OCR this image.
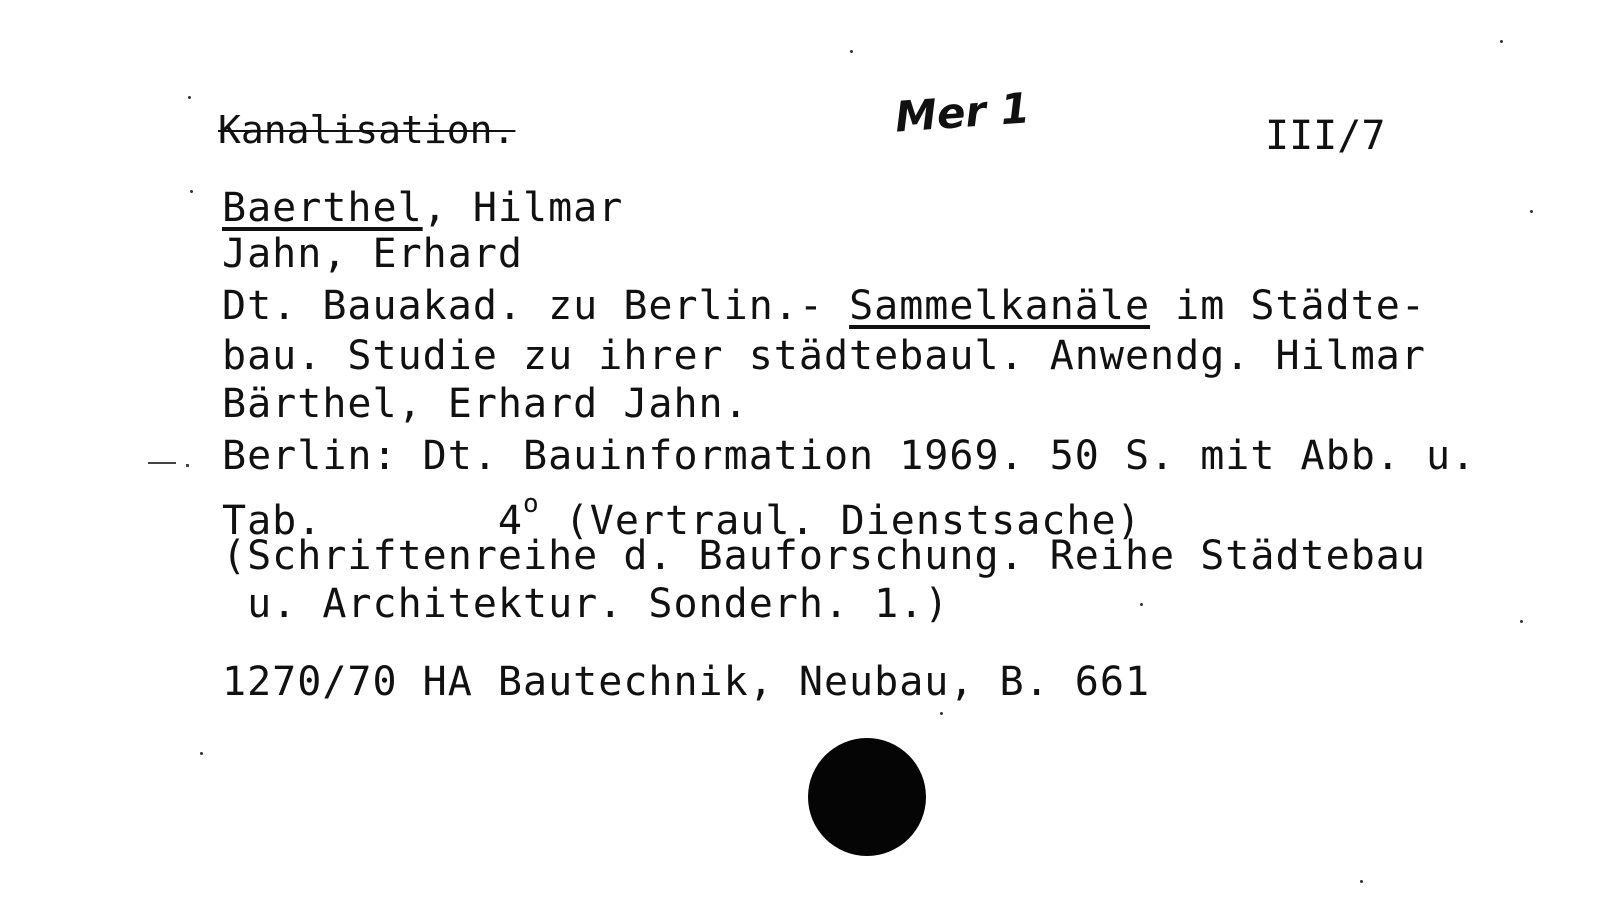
Kanalisation.	Mer 1	III/7
Baerthel, Hilmar
Jahn, Erhard
Dt. Bauakad. zu Berlin.- Sammelkanäle im Städte-
bau. Studie zu ihrer städtebaul. Anwendg. Hilmar
Bärthel, Erhard Jahn.
Berlin: Dt. Bauinformation 1969. 50 S. mit Abb. u.
Tab.       4$^o$ (Vertraul. Dienstsache)
(Schriftenreihe d. Bauforschung. Reihe Städtebau
u. Architektur. Sonderh. 1.)
1270/70 HA Bautechnik, Neubau, B. 661
